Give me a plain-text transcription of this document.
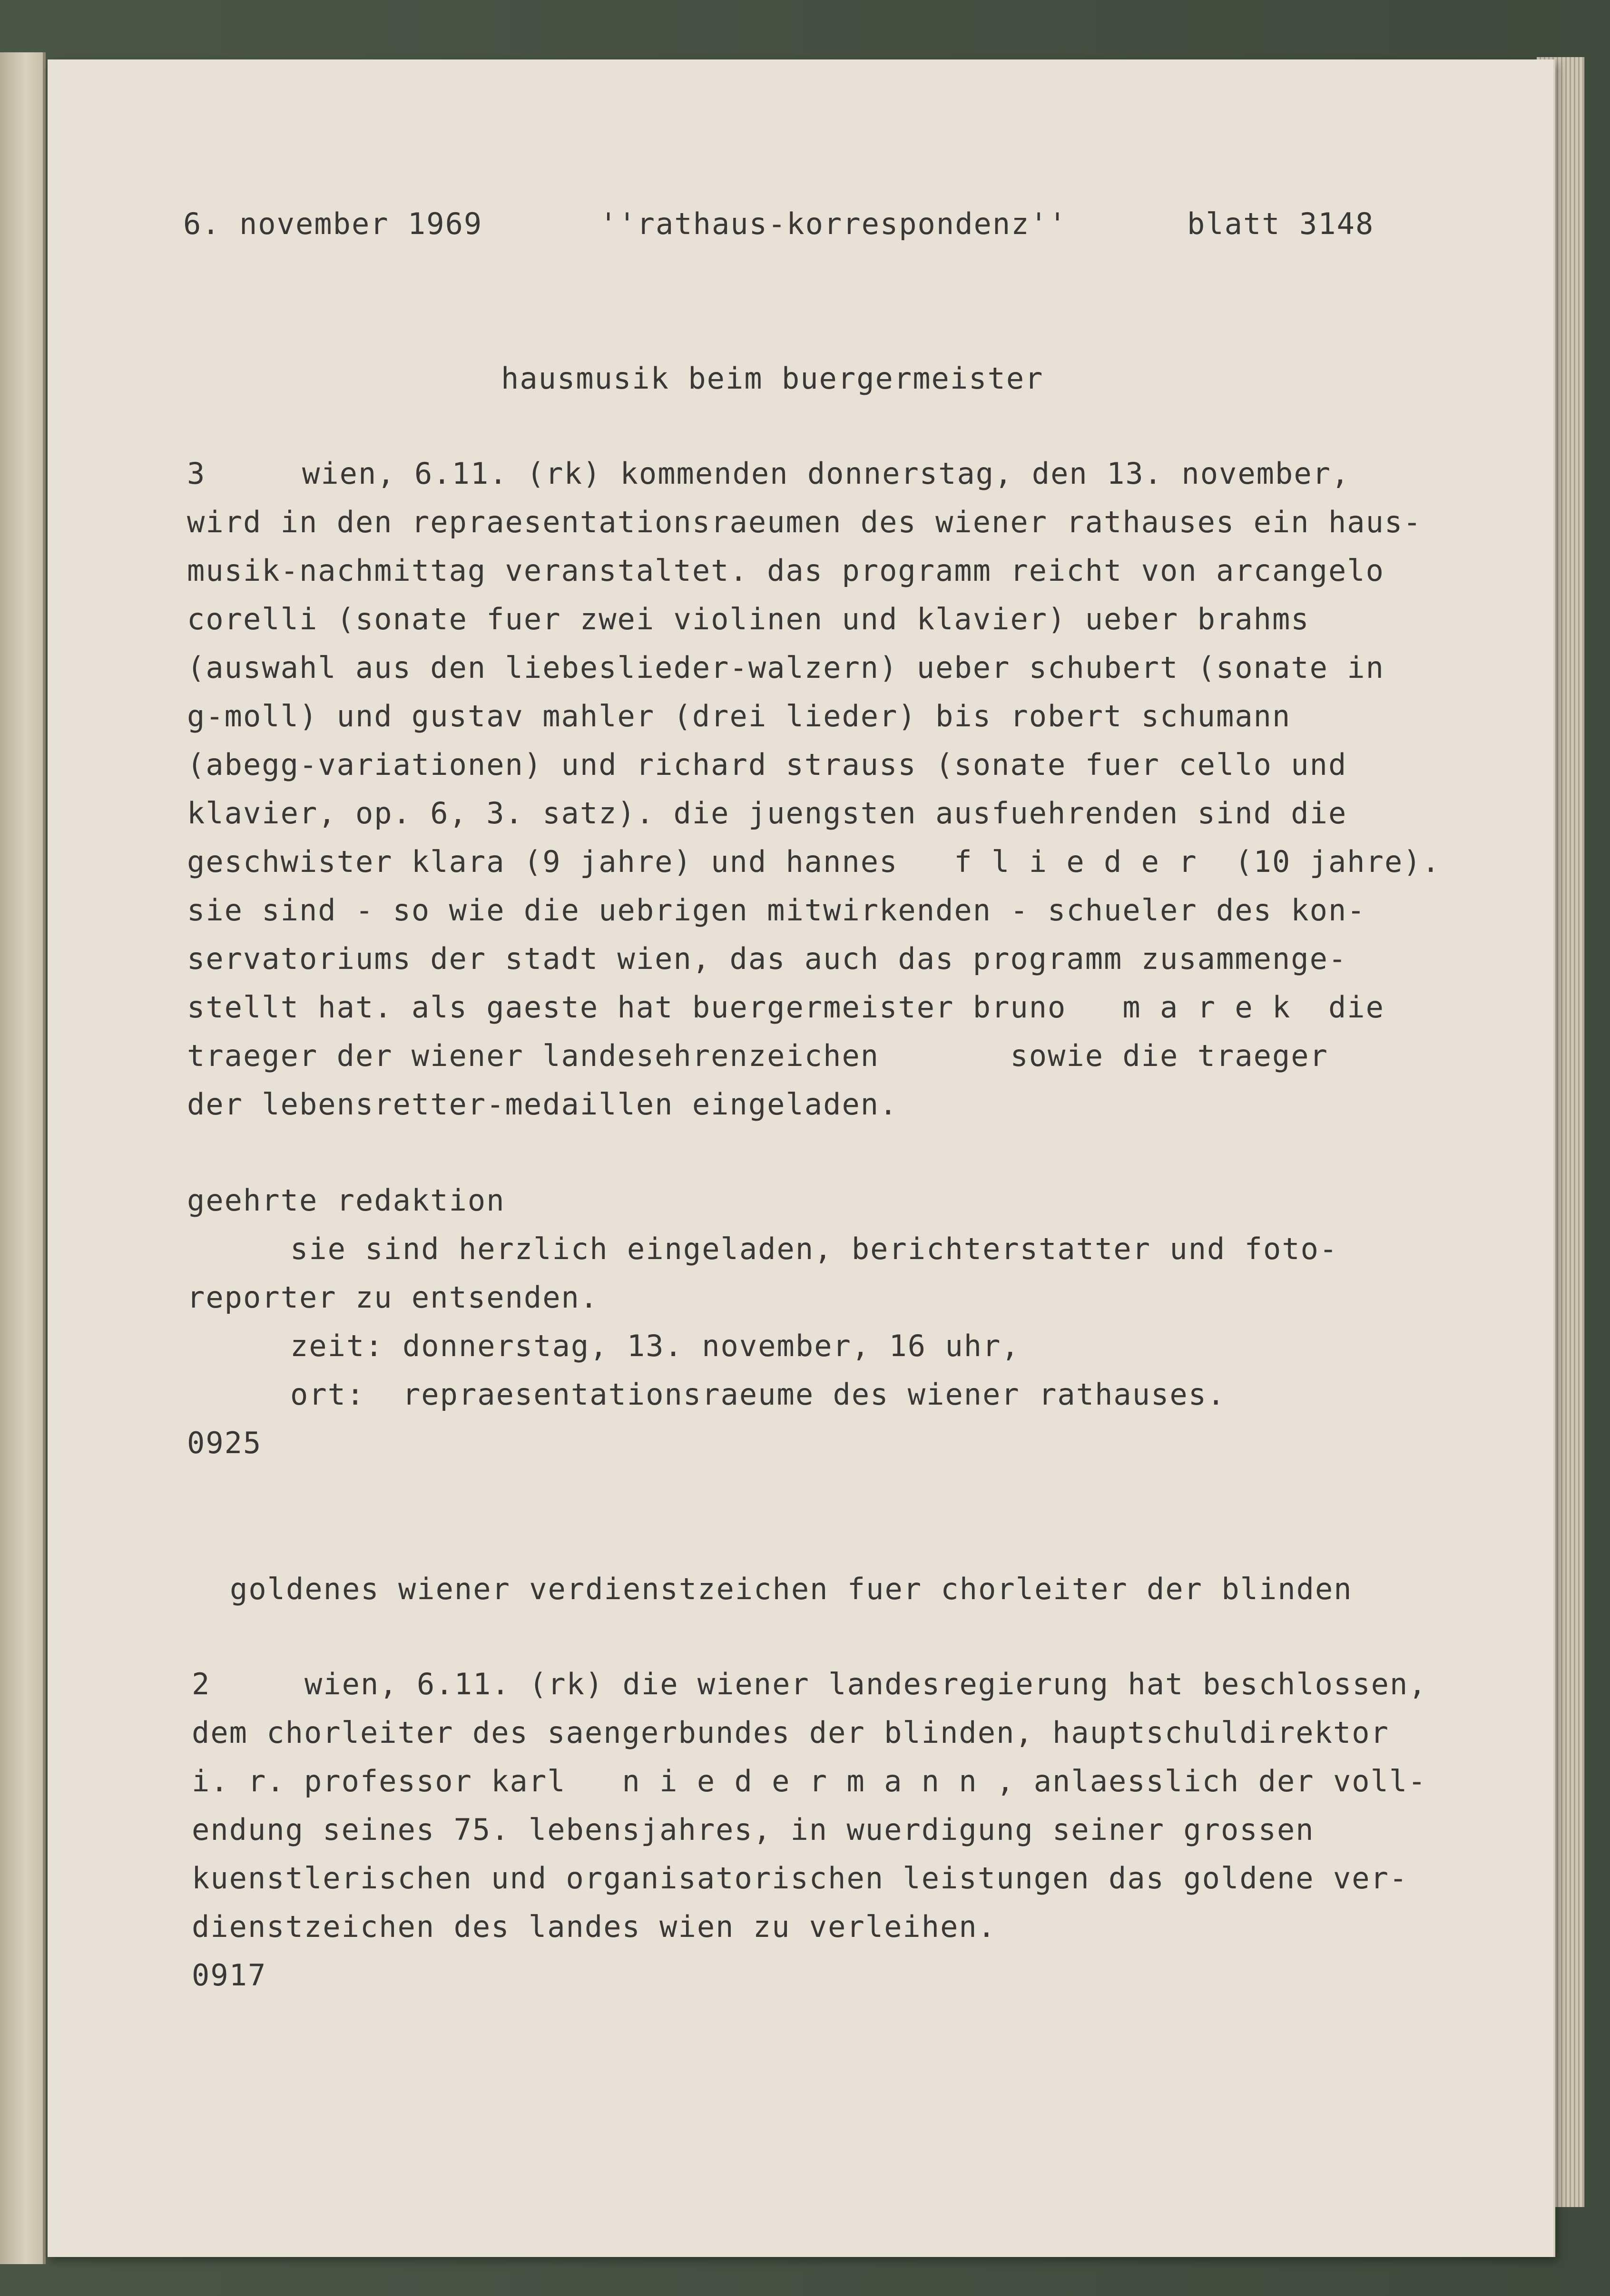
6. november 1969	''rathaus-korrespondenz''	blatt 3148
hausmusik beim buergermeister
3	wien, 6.11. (rk) kommenden donnerstag, den 13. november,
wird in den repraesentationsraeumen des wiener rathauses ein haus-
musik-nachmittag veranstaltet. das programm reicht von arcangelo
corelli (sonate fuer zwei violinen und klavier) ueber brahms
(auswahl aus den liebeslieder-walzern) ueber schubert (sonate in
g-moll) und gustav mahler (drei lieder) bis robert schumann
(abegg-variationen) und richard strauss (sonate fuer cello und
klavier, op. 6, 3. satz). die juengsten ausfuehrenden sind die
geschwister klara (9 jahre) und hannes   f l i e d e r  (10 jahre).
sie sind - so wie die uebrigen mitwirkenden - schueler des kon-
servatoriums der stadt wien, das auch das programm zusammenge-
stellt hat. als gaeste hat buergermeister bruno   m a r e k  die
traeger der wiener landesehrenzeichen       sowie die traeger
der lebensretter-medaillen eingeladen.
geehrte redaktion
sie sind herzlich eingeladen, berichterstatter und foto-
reporter zu entsenden.
zeit: donnerstag, 13. november, 16 uhr,
ort:  repraesentationsraeume des wiener rathauses.
0925
goldenes wiener verdienstzeichen fuer chorleiter der blinden
2	wien, 6.11. (rk) die wiener landesregierung hat beschlossen,
dem chorleiter des saengerbundes der blinden, hauptschuldirektor
i. r. professor karl   n i e d e r m a n n , anlaesslich der voll-
endung seines 75. lebensjahres, in wuerdigung seiner grossen
kuenstlerischen und organisatorischen leistungen das goldene ver-
dienstzeichen des landes wien zu verleihen.
0917
